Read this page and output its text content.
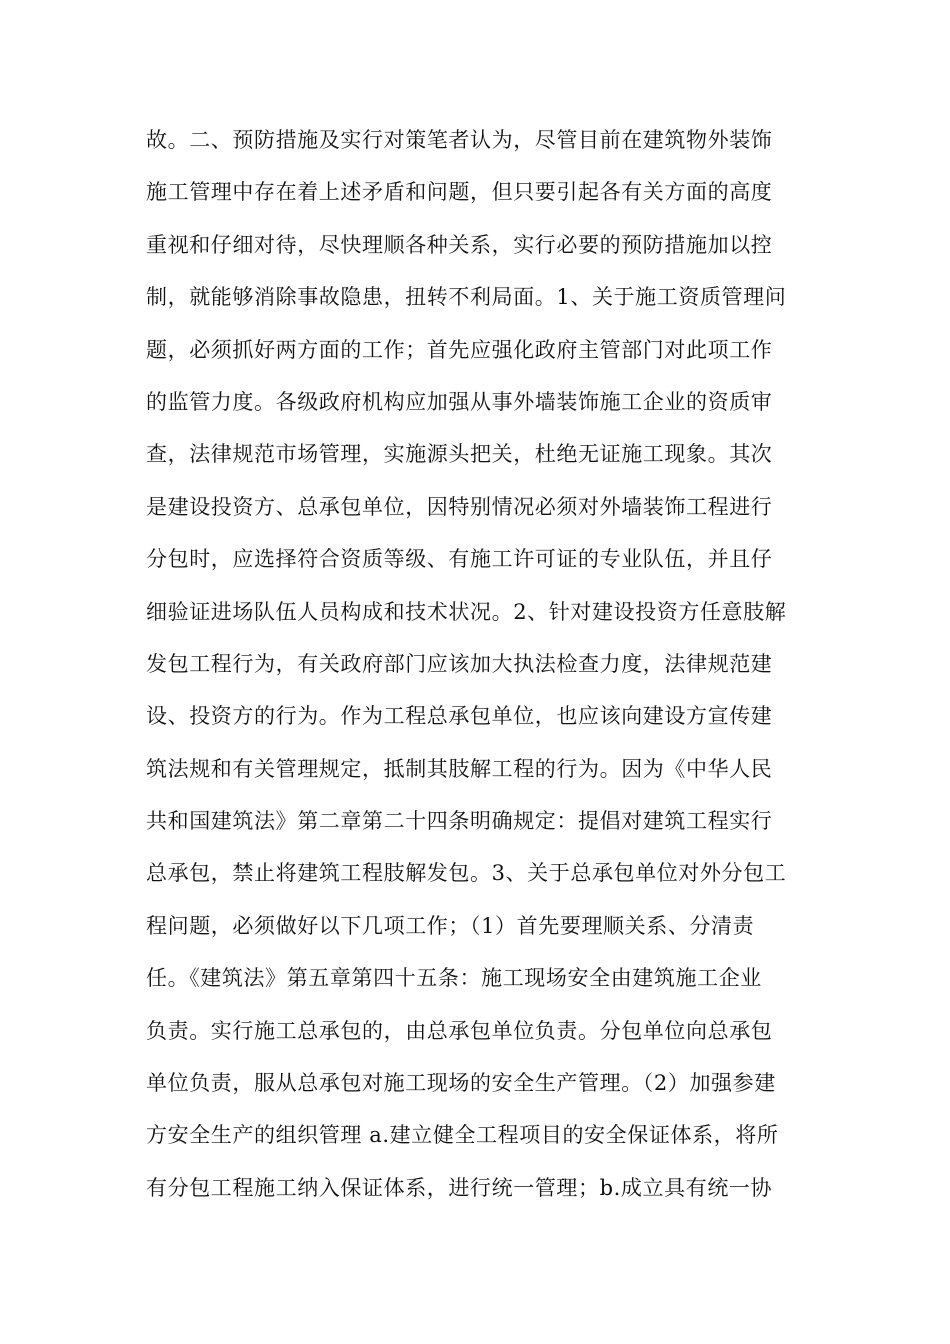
故。二、预防措施及实行对策笔者认为，尽管目前在建筑物外装饰
施工管理中存在着上述矛盾和问题，但只要引起各有关方面的高度
重视和仔细对待，尽快理顺各种关系，实行必要的预防措施加以控
制，就能够消除事故隐患，扭转不利局面。1、关于施工资质管理问
题，必须抓好两方面的工作；首先应强化政府主管部门对此项工作
的监管力度。各级政府机构应加强从事外墙装饰施工企业的资质审
查，法律规范市场管理，实施源头把关，杜绝无证施工现象。其次
是建设投资方、总承包单位，因特别情况必须对外墙装饰工程进行
分包时，应选择符合资质等级、有施工许可证的专业队伍，并且仔
细验证进场队伍人员构成和技术状况。2、针对建设投资方任意肢解
发包工程行为，有关政府部门应该加大执法检查力度，法律规范建
设、投资方的行为。作为工程总承包单位，也应该向建设方宣传建
筑法规和有关管理规定，抵制其肢解工程的行为。因为《中华人民
共和国建筑法》第二章第二十四条明确规定：提倡对建筑工程实行
总承包，禁止将建筑工程肢解发包。3、关于总承包单位对外分包工
程问题，必须做好以下几项工作；（1）首先要理顺关系、分清责
任。《建筑法》第五章第四十五条：施工现场安全由建筑施工企业
负责。实行施工总承包的，由总承包单位负责。分包单位向总承包
单位负责，服从总承包对施工现场的安全生产管理。（2）加强参建
方安全生产的组织管理 a.建立健全工程项目的安全保证体系，将所
有分包工程施工纳入保证体系，进行统一管理；b.成立具有统一协
